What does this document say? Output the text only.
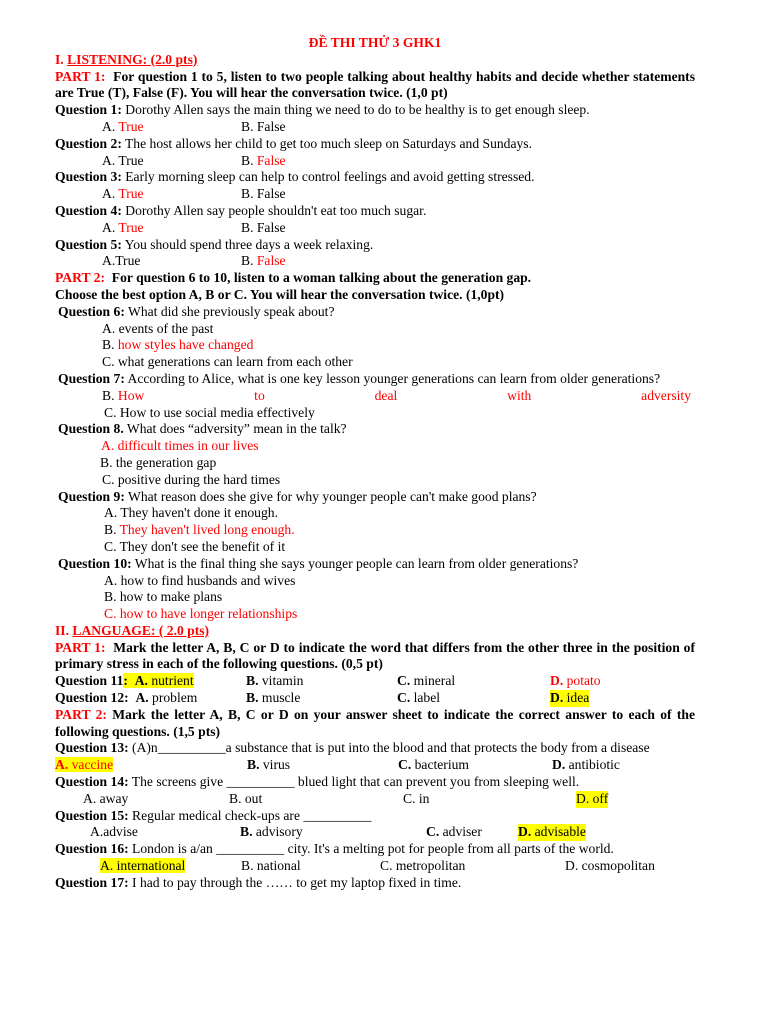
ĐỀ THI THỬ 3 GHK1
I. LISTENING: (2.0 pts)
PART 1: For question 1 to 5, listen to two people talking about healthy habits and decide whether statements are True (T), False (F). You will hear the conversation twice. (1,0 pt)
Question 1: Dorothy Allen says the main thing we need to do to be healthy is to get enough sleep.
A. True	B. False
Question 2: The host allows her child to get too much sleep on Saturdays and Sundays.
A. True	B. False
Question 3: Early morning sleep can help to control feelings and avoid getting stressed.
A. True	B. False
Question 4: Dorothy Allen say people shouldn't eat too much sugar.
A. True	B. False
Question 5: You should spend three days a week relaxing.
A.True	B. False
PART 2: For question 6 to 10, listen to a woman talking about the generation gap.
Choose the best option A, B or C. You will hear the conversation twice. (1,0pt)
Question 6: What did she previously speak about?
A. events of the past
B. how styles have changed
C. what generations can learn from each other
Question 7: According to Alice, what is one key lesson younger generations can learn from older generations?
B. How	to	deal	with	adversity
C. How to use social media effectively
Question 8. What does “adversity” mean in the talk?
A. difficult times in our lives
B. the generation gap
C. positive during the hard times
Question 9: What reason does she give for why younger people can't make good plans?
A. They haven't done it enough.
B. They haven't lived long enough.
C. They don't see the benefit of it
Question 10: What is the final thing she says younger people can learn from older generations?
A. how to find husbands and wives
B. how to make plans
C. how to have longer relationships
II. LANGUAGE: ( 2.0 pts)
PART 1: Mark the letter A, B, C or D to indicate the word that differs from the other three in the position of primary stress in each of the following questions. (0,5 pt)
Question 11: A. nutrient	B. vitamin	C. mineral	D. potato
Question 12: A. problem	B. muscle	C. label	D. idea
PART 2: Mark the letter A, B, C or D on your answer sheet to indicate the correct answer to each of the following questions. (1,5 pts)
Question 13: (A)n__________a substance that is put into the blood and that protects the body from a disease
A. vaccine	B. virus	C. bacterium	D. antibiotic
Question 14: The screens give __________ blued light that can prevent you from sleeping well.
A. away	B. out	C. in	D. off
Question 15: Regular medical check-ups are __________
A.advise	B. advisory	C. adviser	D. advisable
Question 16: London is a/an __________ city. It's a melting pot for people from all parts of the world.
A. international	B. national	C. metropolitan	D. cosmopolitan
Question 17: I had to pay through the …… to get my laptop fixed in time.
